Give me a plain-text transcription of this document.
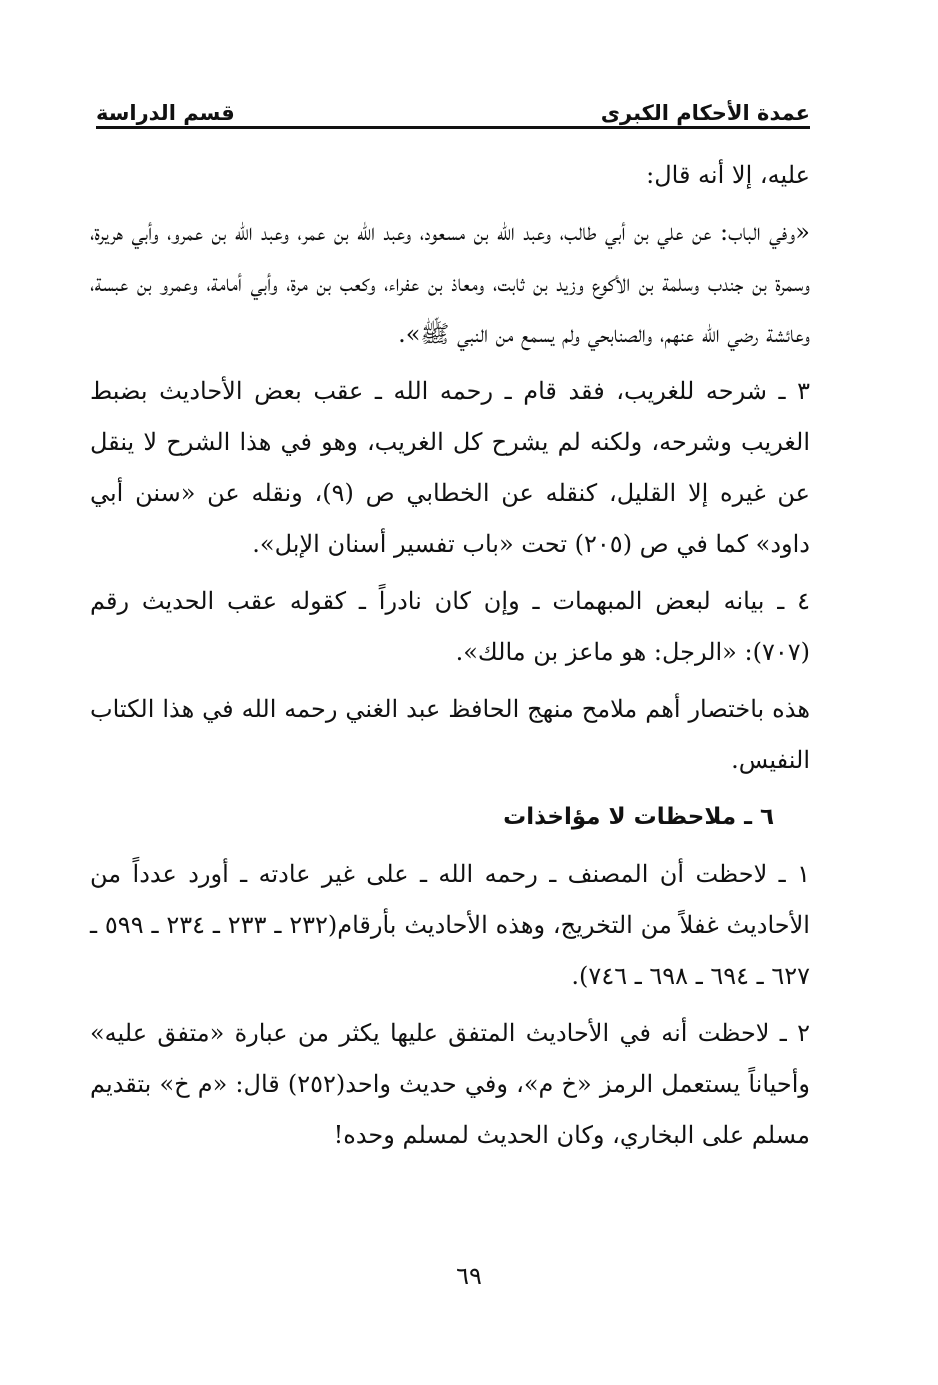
عمدة الأحكام الكبرى
قسم الدراسة

عليه، إلا أنه قال:

«وفي الباب: عن علي بن أبي طالب، وعبد الله بن مسعود، وعبد الله بن عمر، وعبد الله بن عمرو، وأبي هريرة، وسمرة بن جندب وسلمة بن الأكوع وزيد بن ثابت، ومعاذ بن عفراء، وكعب بن مرة، وأبي أمامة، وعمرو بن عبسة، وعائشة رضي الله عنهم، والصنابحي ولم يسمع من النبي ﷺ».

٣ ـ شرحه للغريب، فقد قام ـ رحمه الله ـ عقب بعض الأحاديث بضبط الغريب وشرحه، ولكنه لم يشرح كل الغريب، وهو في هذا الشرح لا ينقل عن غيره إلا القليل، كنقله عن الخطابي ص (٩)، ونقله عن «سنن أبي داود» كما في ص (٢٠٥) تحت «باب تفسير أسنان الإبل».

٤ ـ بيانه لبعض المبهمات ـ وإن كان نادراً ـ كقوله عقب الحديث رقم (٧٠٧): «الرجل: هو ماعز بن مالك».

هذه باختصار أهم ملامح منهج الحافظ عبد الغني رحمه الله في هذا الكتاب النفيس.

٦ ـ ملاحظات لا مؤاخذات

١ ـ لاحظت أن المصنف ـ رحمه الله ـ على غير عادته ـ أورد عدداً من الأحاديث غفلاً من التخريج، وهذه الأحاديث بأرقام(٢٣٢ ـ ٢٣٣ ـ ٢٣٤ ـ ٥٩٩ ـ ٦٢٧ ـ ٦٩٤ ـ ٦٩٨ ـ ٧٤٦).

٢ ـ لاحظت أنه في الأحاديث المتفق عليها يكثر من عبارة «متفق عليه» وأحياناً يستعمل الرمز «خ م»، وفي حديث واحد(٢٥٢) قال: «م خ» بتقديم مسلم على البخاري، وكان الحديث لمسلم وحده!

٦٩
